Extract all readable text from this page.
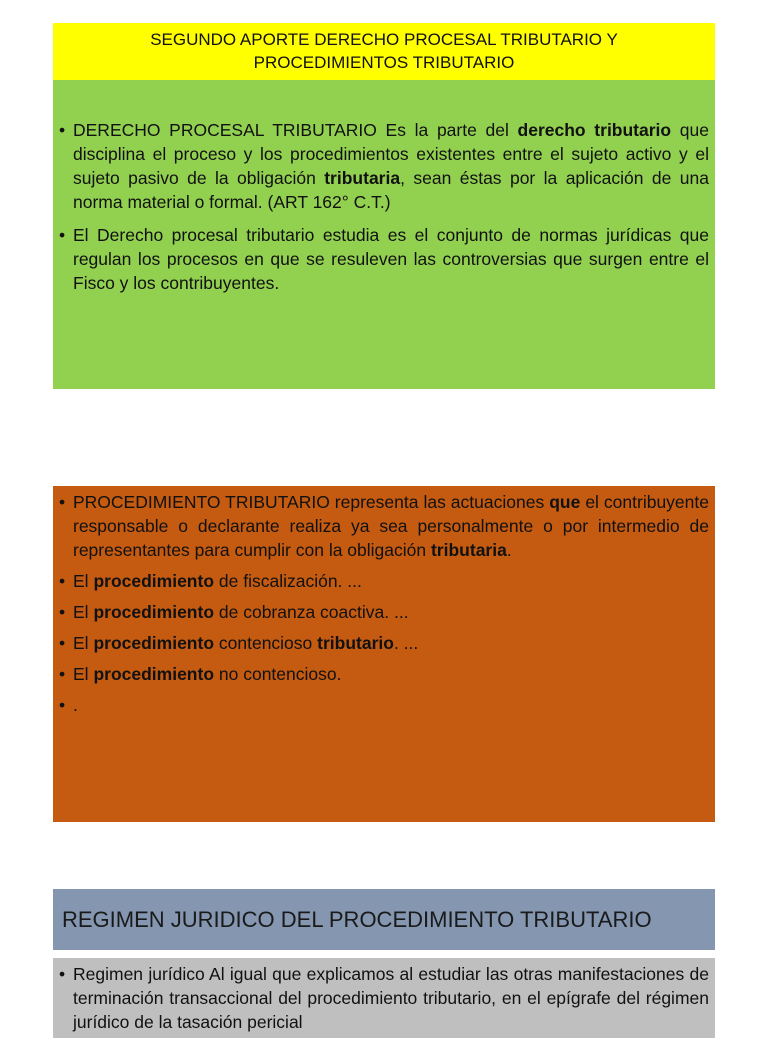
SEGUNDO APORTE DERECHO PROCESAL TRIBUTARIO Y
PROCEDIMIENTOS TRIBUTARIO
• DERECHO PROCESAL TRIBUTARIO Es la parte del derecho tributario que disciplina el proceso y los procedimientos existentes entre el sujeto activo y el sujeto pasivo de la obligación tributaria, sean éstas por la aplicación de una norma material o formal. (ART 162° C.T.)
• El Derecho procesal tributario estudia es el conjunto de normas jurídicas que regulan los procesos en que se resuleven las controversias que surgen entre el Fisco y los contribuyentes.
• PROCEDIMIENTO TRIBUTARIO representa las actuaciones que el contribuyente responsable o declarante realiza ya sea personalmente o por intermedio de representantes para cumplir con la obligación tributaria.
• El procedimiento de fiscalización. ...
• El procedimiento de cobranza coactiva. ...
• El procedimiento contencioso tributario. ...
• El procedimiento no contencioso.
• .
REGIMEN JURIDICO DEL PROCEDIMIENTO TRIBUTARIO
• Regimen jurídico Al igual que explicamos al estudiar las otras manifestaciones de terminación transaccional del procedimiento tributario, en el epígrafe del régimen jurídico de la tasación pericial
